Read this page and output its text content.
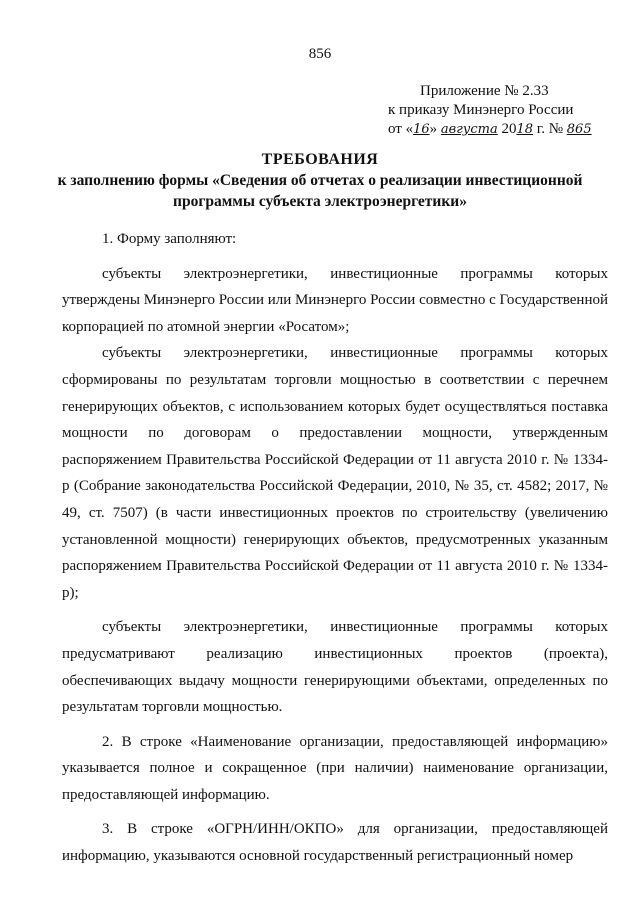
856
Приложение № 2.33
к приказу Минэнерго России
от «16» августа 2018 г. № 865
ТРЕБОВАНИЯ
к заполнению формы «Сведения об отчетах о реализации инвестиционной
программы субъекта электроэнергетики»

1. Форму заполняют:

субъекты электроэнергетики, инвестиционные программы которых утверждены Минэнерго России или Минэнерго России совместно с Государственной корпорацией по атомной энергии «Росатом»;

субъекты электроэнергетики, инвестиционные программы которых сформированы по результатам торговли мощностью в соответствии с перечнем генерирующих объектов, с использованием которых будет осуществляться поставка мощности по договорам о предоставлении мощности, утвержденным распоряжением Правительства Российской Федерации от 11 августа 2010 г. № 1334-р (Собрание законодательства Российской Федерации, 2010, № 35, ст. 4582; 2017, № 49, ст. 7507) (в части инвестиционных проектов по строительству (увеличению установленной мощности) генерирующих объектов, предусмотренных указанным распоряжением Правительства Российской Федерации от 11 августа 2010 г. № 1334-р);

субъекты электроэнергетики, инвестиционные программы которых предусматривают реализацию инвестиционных проектов (проекта), обеспечивающих выдачу мощности генерирующими объектами, определенных по результатам торговли мощностью.

2. В строке «Наименование организации, предоставляющей информацию» указывается полное и сокращенное (при наличии) наименование организации, предоставляющей информацию.

3. В строке «ОГРН/ИНН/ОКПО» для организации, предоставляющей информацию, указываются основной государственный регистрационный номер
